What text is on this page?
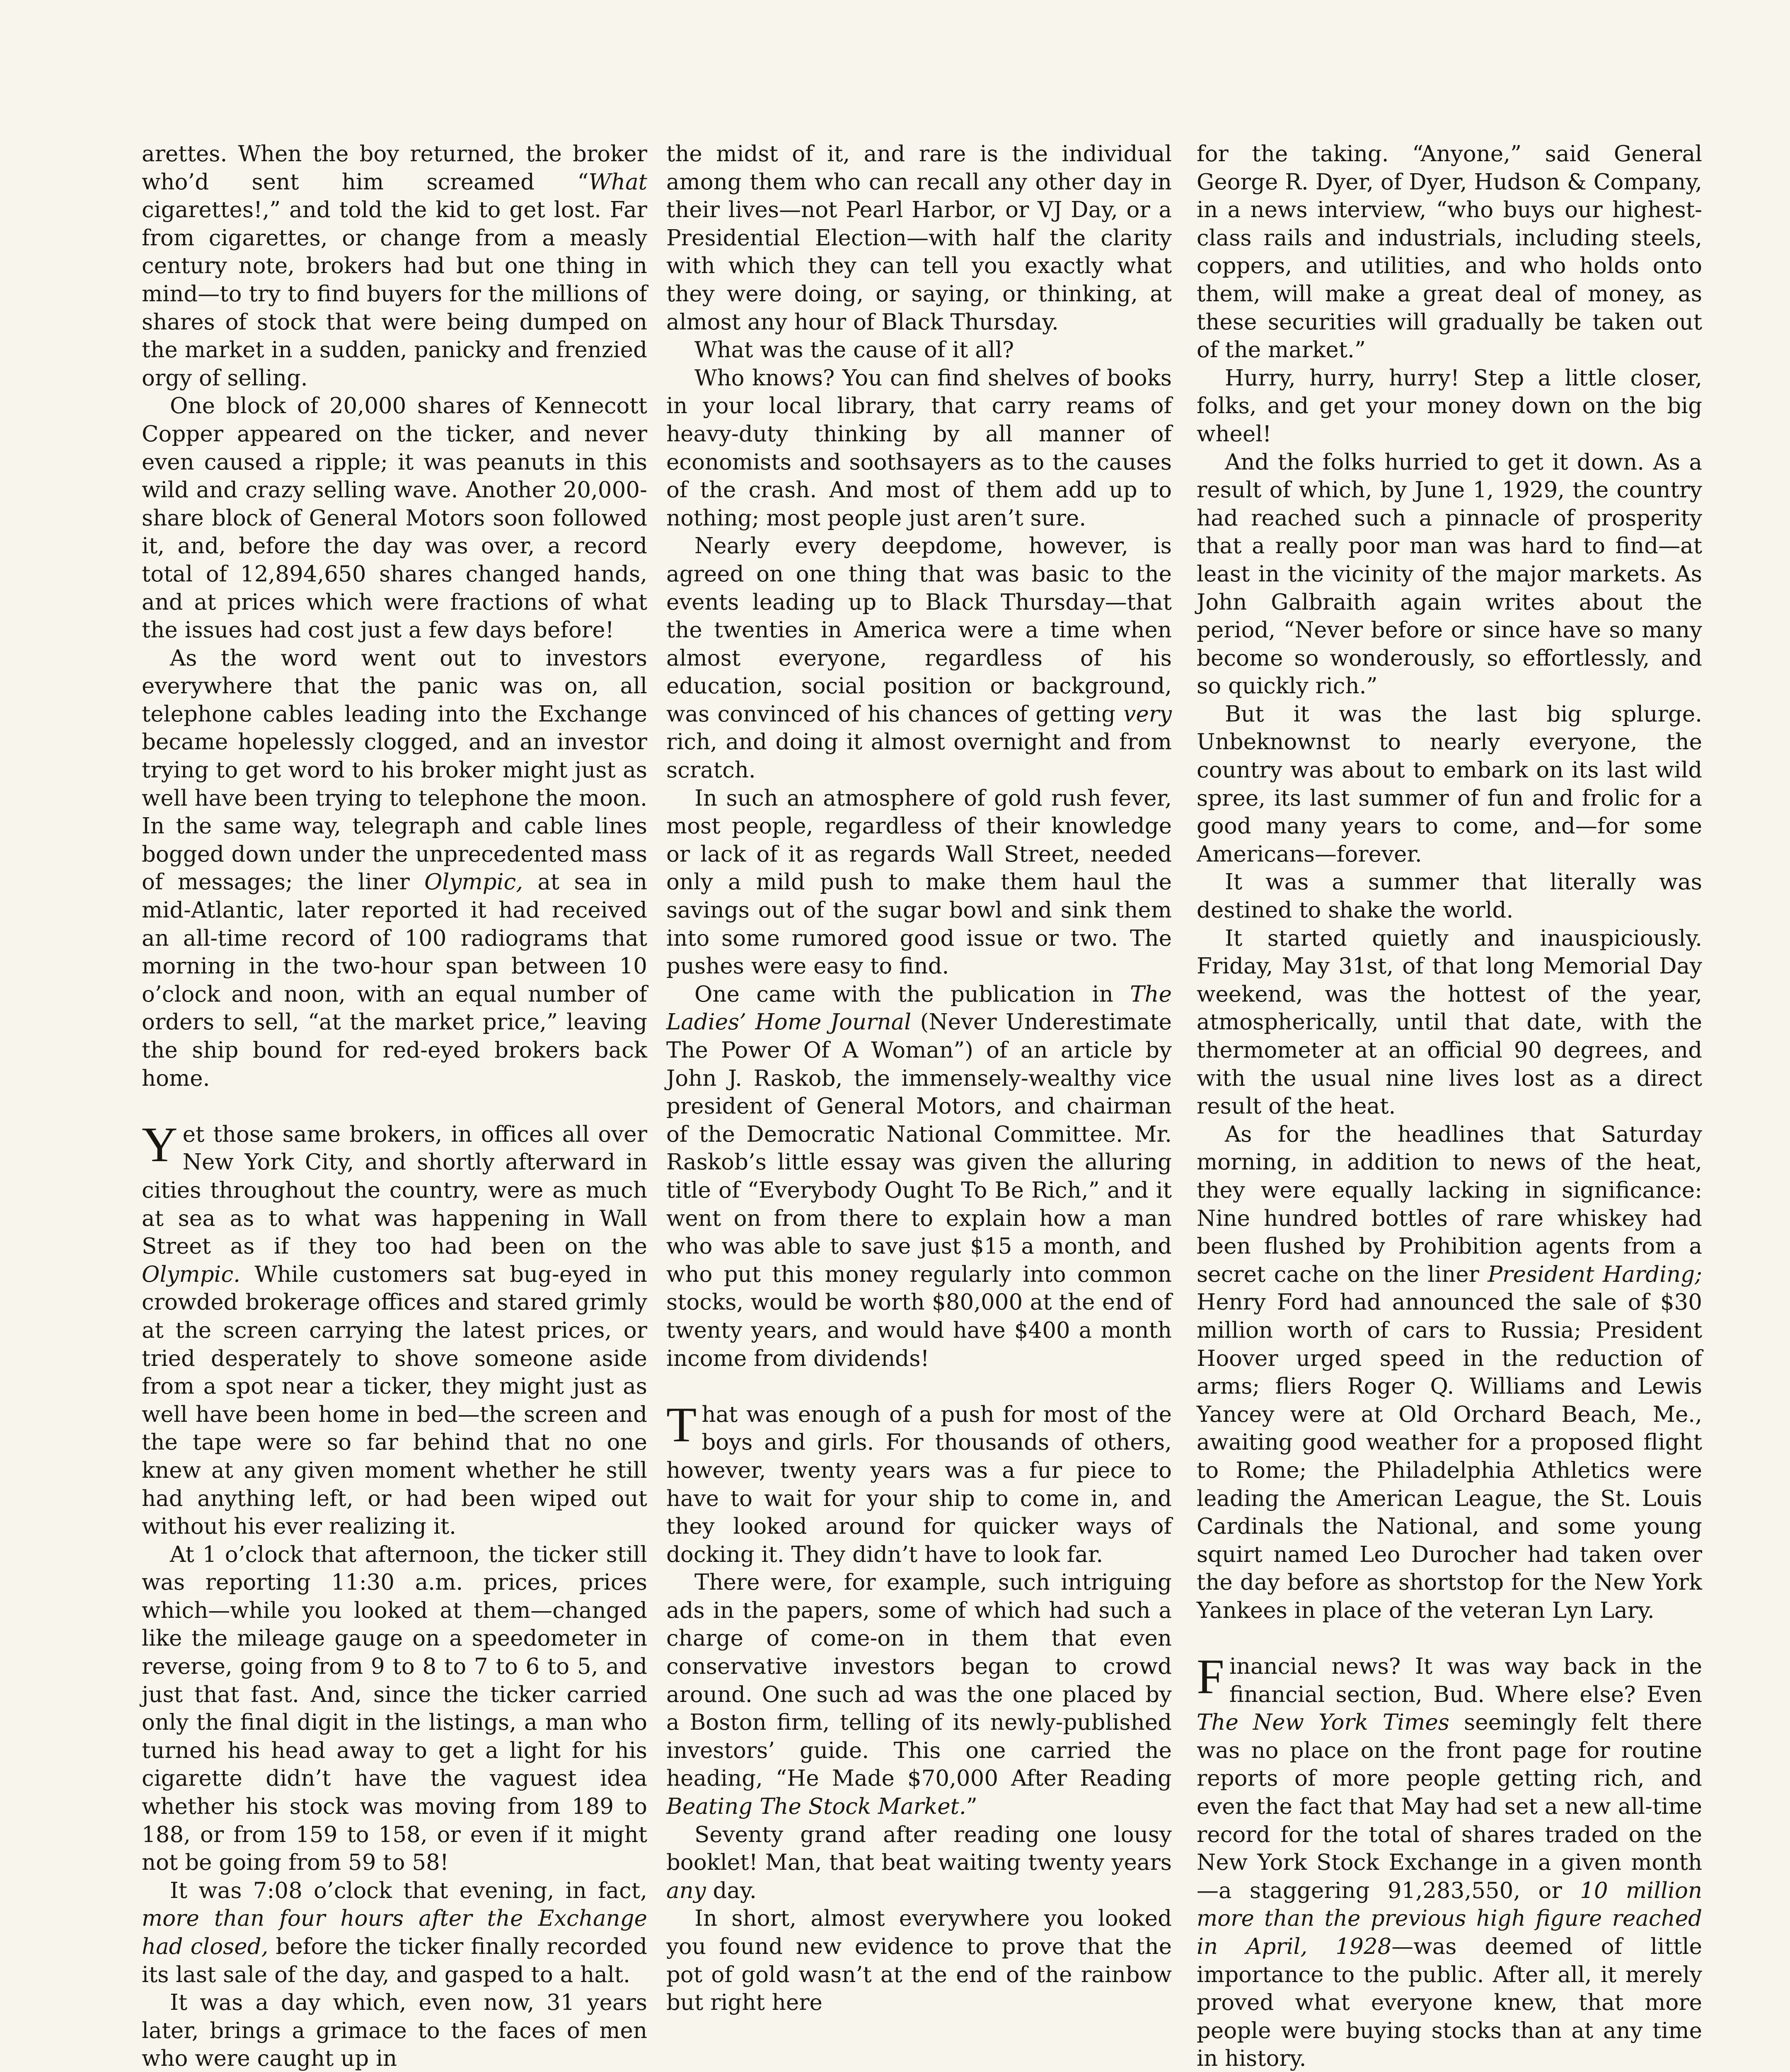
arettes. When the boy returned, the broker who’d sent him screamed “What cigarettes!,” and told the kid to get lost. Far from cigarettes, or change from a measly century note, brokers had but one thing in mind—to try to find buyers for the millions of shares of stock that were being dumped on the market in a sudden, panicky and frenzied orgy of selling.

One block of 20,000 shares of Kennecott Copper appeared on the ticker, and never even caused a ripple; it was peanuts in this wild and crazy selling wave. Another 20,000-share block of General Motors soon followed it, and, before the day was over, a record total of 12,894,650 shares changed hands, and at prices which were fractions of what the issues had cost just a few days before!

As the word went out to investors everywhere that the panic was on, all telephone cables leading into the Exchange became hopelessly clogged, and an investor trying to get word to his broker might just as well have been trying to telephone the moon. In the same way, telegraph and cable lines bogged down under the unprecedented mass of messages; the liner Olympic, at sea in mid-Atlantic, later reported it had received an all-time record of 100 radiograms that morning in the two-hour span between 10 o’clock and noon, with an equal number of orders to sell, “at the market price,” leaving the ship bound for red-eyed brokers back home.

Yet those same brokers, in offices all over New York City, and shortly afterward in cities throughout the country, were as much at sea as to what was happening in Wall Street as if they too had been on the Olympic. While customers sat bug-eyed in crowded brokerage offices and stared grimly at the screen carrying the latest prices, or tried desperately to shove someone aside from a spot near a ticker, they might just as well have been home in bed—the screen and the tape were so far behind that no one knew at any given moment whether he still had anything left, or had been wiped out without his ever realizing it.

At 1 o’clock that afternoon, the ticker still was reporting 11:30 a.m. prices, prices which—while you looked at them—changed like the mileage gauge on a speedometer in reverse, going from 9 to 8 to 7 to 6 to 5, and just that fast. And, since the ticker carried only the final digit in the listings, a man who turned his head away to get a light for his cigarette didn’t have the vaguest idea whether his stock was moving from 189 to 188, or from 159 to 158, or even if it might not be going from 59 to 58!

It was 7:08 o’clock that evening, in fact, more than four hours after the Exchange had closed, before the ticker finally recorded its last sale of the day, and gasped to a halt.

It was a day which, even now, 31 years later, brings a grimace to the faces of men who were caught up in

the midst of it, and rare is the individual among them who can recall any other day in their lives—not Pearl Harbor, or VJ Day, or a Presidential Election—with half the clarity with which they can tell you exactly what they were doing, or saying, or thinking, at almost any hour of Black Thursday.

What was the cause of it all?

Who knows? You can find shelves of books in your local library, that carry reams of heavy-duty thinking by all manner of economists and soothsayers as to the causes of the crash. And most of them add up to nothing; most people just aren’t sure.

Nearly every deepdome, however, is agreed on one thing that was basic to the events leading up to Black Thursday—that the twenties in America were a time when almost everyone, regardless of his education, social position or background, was convinced of his chances of getting very rich, and doing it almost overnight and from scratch.

In such an atmosphere of gold rush fever, most people, regardless of their knowledge or lack of it as regards Wall Street, needed only a mild push to make them haul the savings out of the sugar bowl and sink them into some rumored good issue or two. The pushes were easy to find.

One came with the publication in The Ladies’ Home Journal (Never Underestimate The Power Of A Woman”) of an article by John J. Raskob, the immensely-wealthy vice president of General Motors, and chairman of the Democratic National Committee. Mr. Raskob’s little essay was given the alluring title of “Everybody Ought To Be Rich,” and it went on from there to explain how a man who was able to save just $15 a month, and who put this money regularly into common stocks, would be worth $80,000 at the end of twenty years, and would have $400 a month income from dividends!

That was enough of a push for most of the boys and girls. For thousands of others, however, twenty years was a fur piece to have to wait for your ship to come in, and they looked around for quicker ways of docking it. They didn’t have to look far.

There were, for example, such intriguing ads in the papers, some of which had such a charge of come-on in them that even conservative investors began to crowd around. One such ad was the one placed by a Boston firm, telling of its newly-published investors’ guide. This one carried the heading, “He Made $70,000 After Reading Beating The Stock Market.”

Seventy grand after reading one lousy booklet! Man, that beat waiting twenty years any day.

In short, almost everywhere you looked you found new evidence to prove that the pot of gold wasn’t at the end of the rainbow but right here

for the taking. “Anyone,” said General George R. Dyer, of Dyer, Hudson & Company, in a news interview, “who buys our highest-class rails and industrials, including steels, coppers, and utilities, and who holds onto them, will make a great deal of money, as these securities will gradually be taken out of the market.”

Hurry, hurry, hurry! Step a little closer, folks, and get your money down on the big wheel!

And the folks hurried to get it down. As a result of which, by June 1, 1929, the country had reached such a pinnacle of prosperity that a really poor man was hard to find—at least in the vicinity of the major markets. As John Galbraith again writes about the period, “Never before or since have so many become so wonderously, so effortlessly, and so quickly rich.”

But it was the last big splurge. Unbeknownst to nearly everyone, the country was about to embark on its last wild spree, its last summer of fun and frolic for a good many years to come, and—for some Americans—forever.

It was a summer that literally was destined to shake the world.

It started quietly and inauspiciously. Friday, May 31st, of that long Memorial Day weekend, was the hottest of the year, atmospherically, until that date, with the thermometer at an official 90 degrees, and with the usual nine lives lost as a direct result of the heat.

As for the headlines that Saturday morning, in addition to news of the heat, they were equally lacking in significance: Nine hundred bottles of rare whiskey had been flushed by Prohibition agents from a secret cache on the liner President Harding; Henry Ford had announced the sale of $30 million worth of cars to Russia; President Hoover urged speed in the reduction of arms; fliers Roger Q. Williams and Lewis Yancey were at Old Orchard Beach, Me., awaiting good weather for a proposed flight to Rome; the Philadelphia Athletics were leading the American League, the St. Louis Cardinals the National, and some young squirt named Leo Durocher had taken over the day before as shortstop for the New York Yankees in place of the veteran Lyn Lary.

Financial news? It was way back in the financial section, Bud. Where else? Even The New York Times seemingly felt there was no place on the front page for routine reports of more people getting rich, and even the fact that May had set a new all-time record for the total of shares traded on the New York Stock Exchange in a given month—a staggering 91,283,550, or 10 million more than the previous high figure reached in April, 1928—was deemed of little importance to the public. After all, it merely proved what everyone knew, that more people were buying stocks than at any time in history.
